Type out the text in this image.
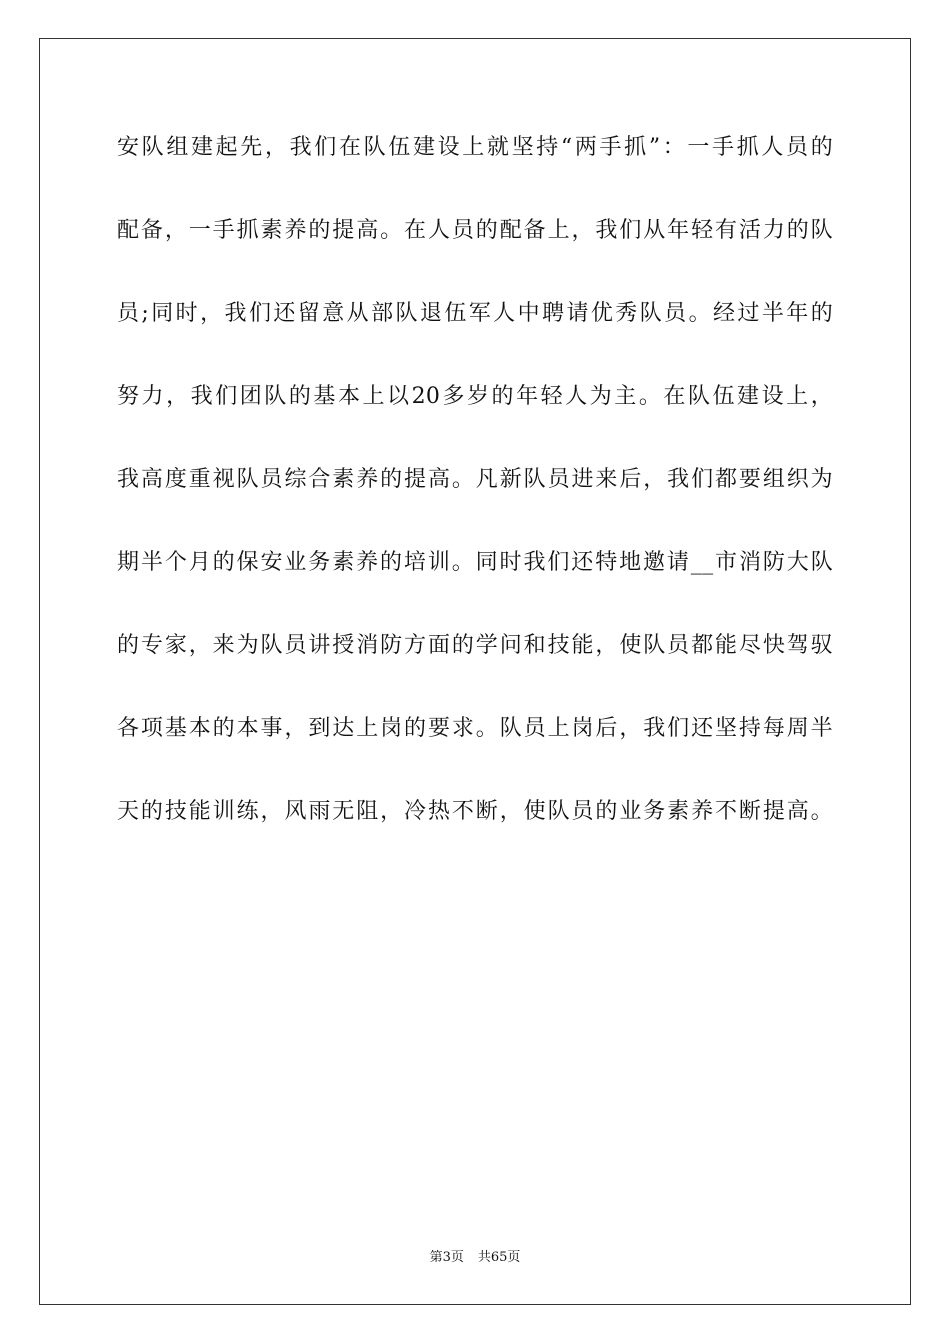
安队组建起先，我们在队伍建设上就坚持“两手抓”：一手抓人员的
配备，一手抓素养的提高。在人员的配备上，我们从年轻有活力的队
员;同时，我们还留意从部队退伍军人中聘请优秀队员。经过半年的
努力，我们团队的基本上以20多岁的年轻人为主。在队伍建设上，
我高度重视队员综合素养的提高。凡新队员进来后，我们都要组织为
期半个月的保安业务素养的培训。同时我们还特地邀请__市消防大队
的专家，来为队员讲授消防方面的学问和技能，使队员都能尽快驾驭
各项基本的本事，到达上岗的要求。队员上岗后，我们还坚持每周半
天的技能训练，风雨无阻，冷热不断，使队员的业务素养不断提高。
第3页 共65页
